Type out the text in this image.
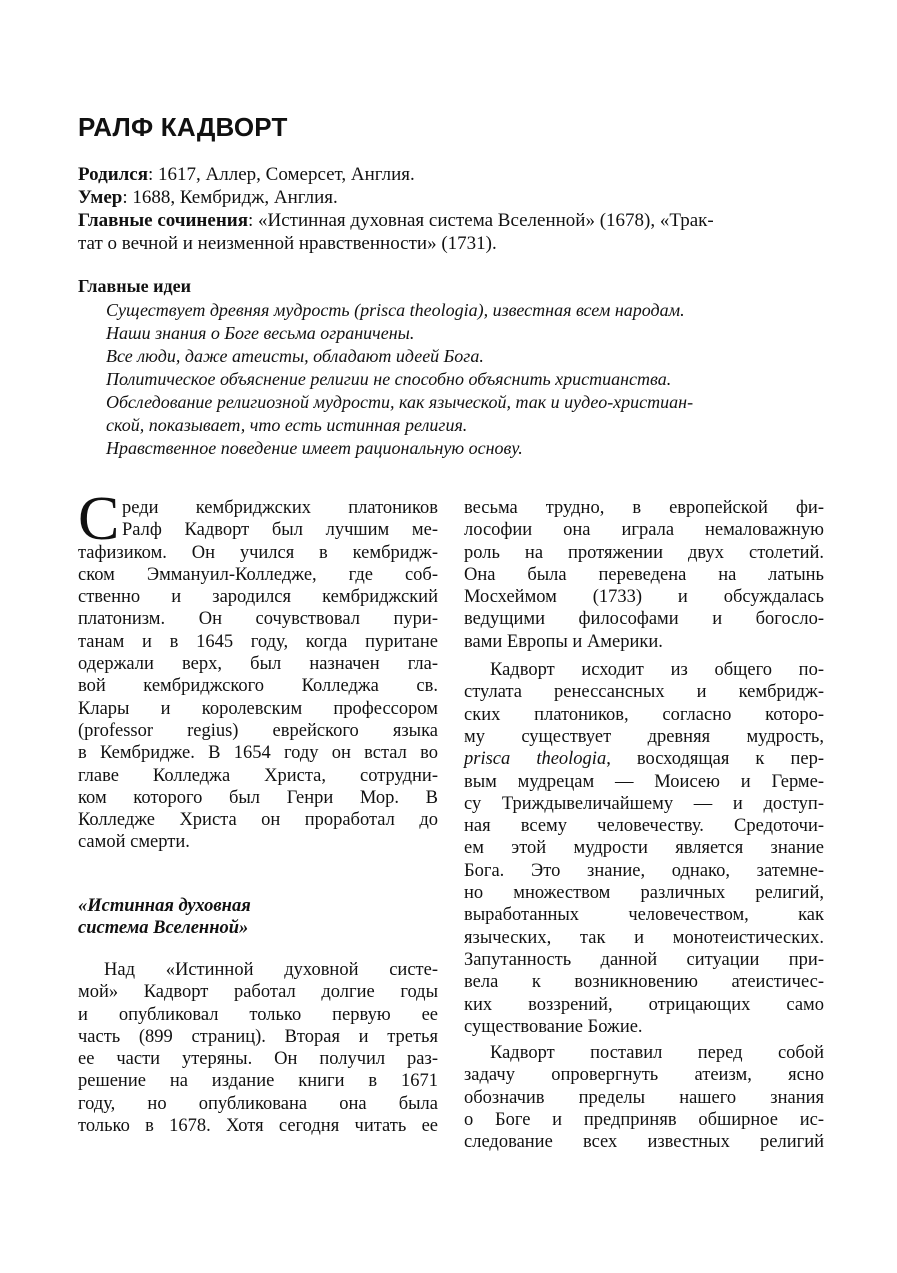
РАЛФ КАДВОРТ
Родился: 1617, Аллер, Сомерсет, Англия.
Умер: 1688, Кембридж, Англия.
Главные сочинения: «Истинная духовная система Вселенной» (1678), «Трак-
тат о вечной и неизменной нравственности» (1731).
Главные идеи
Существует древняя мудрость (prisca theologia), известная всем народам.
Наши знания о Боге весьма ограничены.
Все люди, даже атеисты, обладают идеей Бога.
Политическое объяснение религии не способно объяснить христианства.
Обследование религиозной мудрости, как языческой, так и иудео-христиан-
ской, показывает, что есть истинная религия.
Нравственное поведение имеет рациональную основу.
С реди кембриджских платоников
Ралф Кадворт был лучшим ме-
тафизиком. Он учился в кембридж-
ском Эммануил-Колледже, где соб-
ственно и зародился кембриджский
платонизм. Он сочувствовал пури-
танам и в 1645 году, когда пуритане
одержали верх, был назначен гла-
вой кембриджского Колледжа св.
Клары и королевским профессором
(professor regius) еврейского языка
в Кембридже. В 1654 году он встал во
главе Колледжа Христа, сотрудни-
ком которого был Генри Мор. В
Колледже Христа он проработал до
самой смерти.
«Истинная духовная
система Вселенной»
Над «Истинной духовной систе-
мой» Кадворт работал долгие годы
и опубликовал только первую ее
часть (899 страниц). Вторая и третья
ее части утеряны. Он получил раз-
решение на издание книги в 1671
году, но опубликована она была
только в 1678. Хотя сегодня читать ее
весьма трудно, в европейской фи-
лософии она играла немаловажную
роль на протяжении двух столетий.
Она была переведена на латынь
Мосхеймом (1733) и обсуждалась
ведущими философами и богосло-
вами Европы и Америки.
Кадворт исходит из общего по-
стулата ренессансных и кембридж-
ских платоников, согласно которо-
му существует древняя мудрость,
prisca theologia, восходящая к пер-
вым мудрецам — Моисею и Герме-
су Триждывеличайшему — и доступ-
ная всему человечеству. Средоточи-
ем этой мудрости является знание
Бога. Это знание, однако, затемне-
но множеством различных религий,
выработанных человечеством, как
языческих, так и монотеистических.
Запутанность данной ситуации при-
вела к возникновению атеистичес-
ких воззрений, отрицающих само
существование Божие.
Кадворт поставил перед собой
задачу опровергнуть атеизм, ясно
обозначив пределы нашего знания
о Боге и предприняв обширное ис-
следование всех известных религий
